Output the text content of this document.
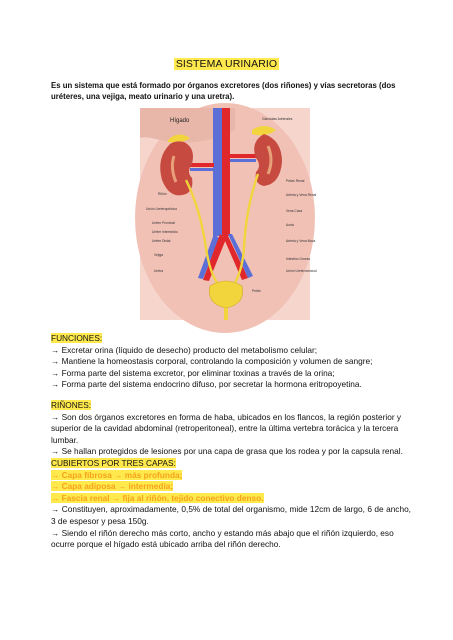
SISTEMA URINARIO
Es un sistema que está formado por órganos excretores (dos riñones) y vías secretoras (dos uréteres, una vejiga, meato urinario y una uretra).
Hígado	Glándulas Adrenales
Riñón
Pelvis Renal
Arteria y Vena Renal
Vena Cava
Aorta
Unión Ureteropélvica
Uréter Proximal
Uréter Intermedio
Uréter Distal
Vejiga
Arteria y Vena Iliaca
Intestino Grueso
Unión Ureterovesical
Uretra
Pelvis
FUNCIONES:
→ Excretar orina (líquido de desecho) producto del metabolismo celular;
→ Mantiene la homeostasis corporal, controlando la composición y volumen de sangre;
→ Forma parte del sistema excretor, por eliminar toxinas a través de la orina;
→ Forma parte del sistema endocrino difuso, por secretar la hormona eritropoyetina.
RIÑONES:
→ Son dos órganos excretores en forma de haba, ubicados en los flancos, la región posterior y superior de la cavidad abdominal (retroperitoneal), entre la última vertebra torácica y la tercera lumbar.
→ Se hallan protegidos de lesiones por una capa de grasa que los rodea y por la capsula renal.
CUBIERTOS POR TRES CAPAS:
→ Capa fibrosa → más profunda;
→ Capa adiposa → intermedia;
→ Fascia renal → fija al riñón, tejido conectivo denso.
→ Constituyen, aproximadamente, 0,5% de total del organismo, mide 12cm de largo, 6 de ancho, 3 de espesor y pesa 150g.
→ Siendo el riñón derecho más corto, ancho y estando más abajo que el riñón izquierdo, eso ocurre porque el hígado está ubicado arriba del riñón derecho.
